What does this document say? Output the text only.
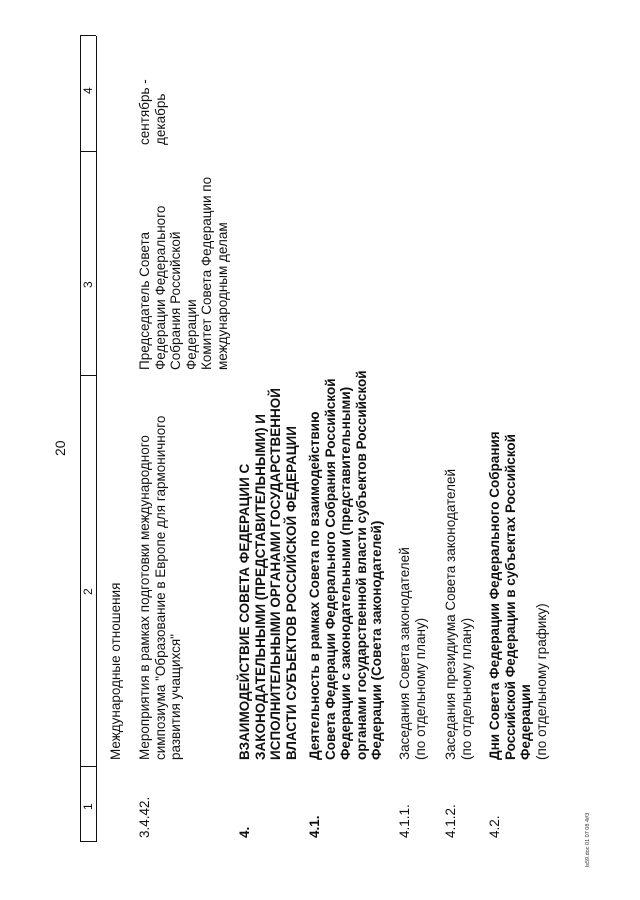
20
1
2
3
4
Международные отношения
3.4.42.
Мероприятия в рамках подготовки международного симпозиума "Образование в Европе для гармоничного развития учащихся"
Председатель Совета Федерации Федерального Собрания Российской Федерации Комитет Совета Федерации по международным делам
сентябрь - декабрь
4.
ВЗАИМОДЕЙСТВИЕ СОВЕТА ФЕДЕРАЦИИ С ЗАКОНОДАТЕЛЬНЫМИ (ПРЕДСТАВИТЕЛЬНЫМИ) И ИСПОЛНИТЕЛЬНЫМИ ОРГАНАМИ ГОСУДАРСТВЕННОЙ ВЛАСТИ СУБЪЕКТОВ РОССИЙСКОЙ ФЕДЕРАЦИИ
4.1.
Деятельность в рамках Совета по взаимодействию Совета Федерации Федерального Собрания Российской Федерации с законодательными (представительными) органами государственной власти субъектов Российской Федерации (Совета законодателей)
4.1.1.
Заседания Совета законодателей (по отдельному плану)
4.1.2.
Заседания президиума Совета законодателей (по отдельному плану)
4.2.
Дни Совета Федерации Федерального Собрания Российской Федерации в субъектах Российской Федерации (по отдельному графику)
ls59.doc 01 07 08 4#3
